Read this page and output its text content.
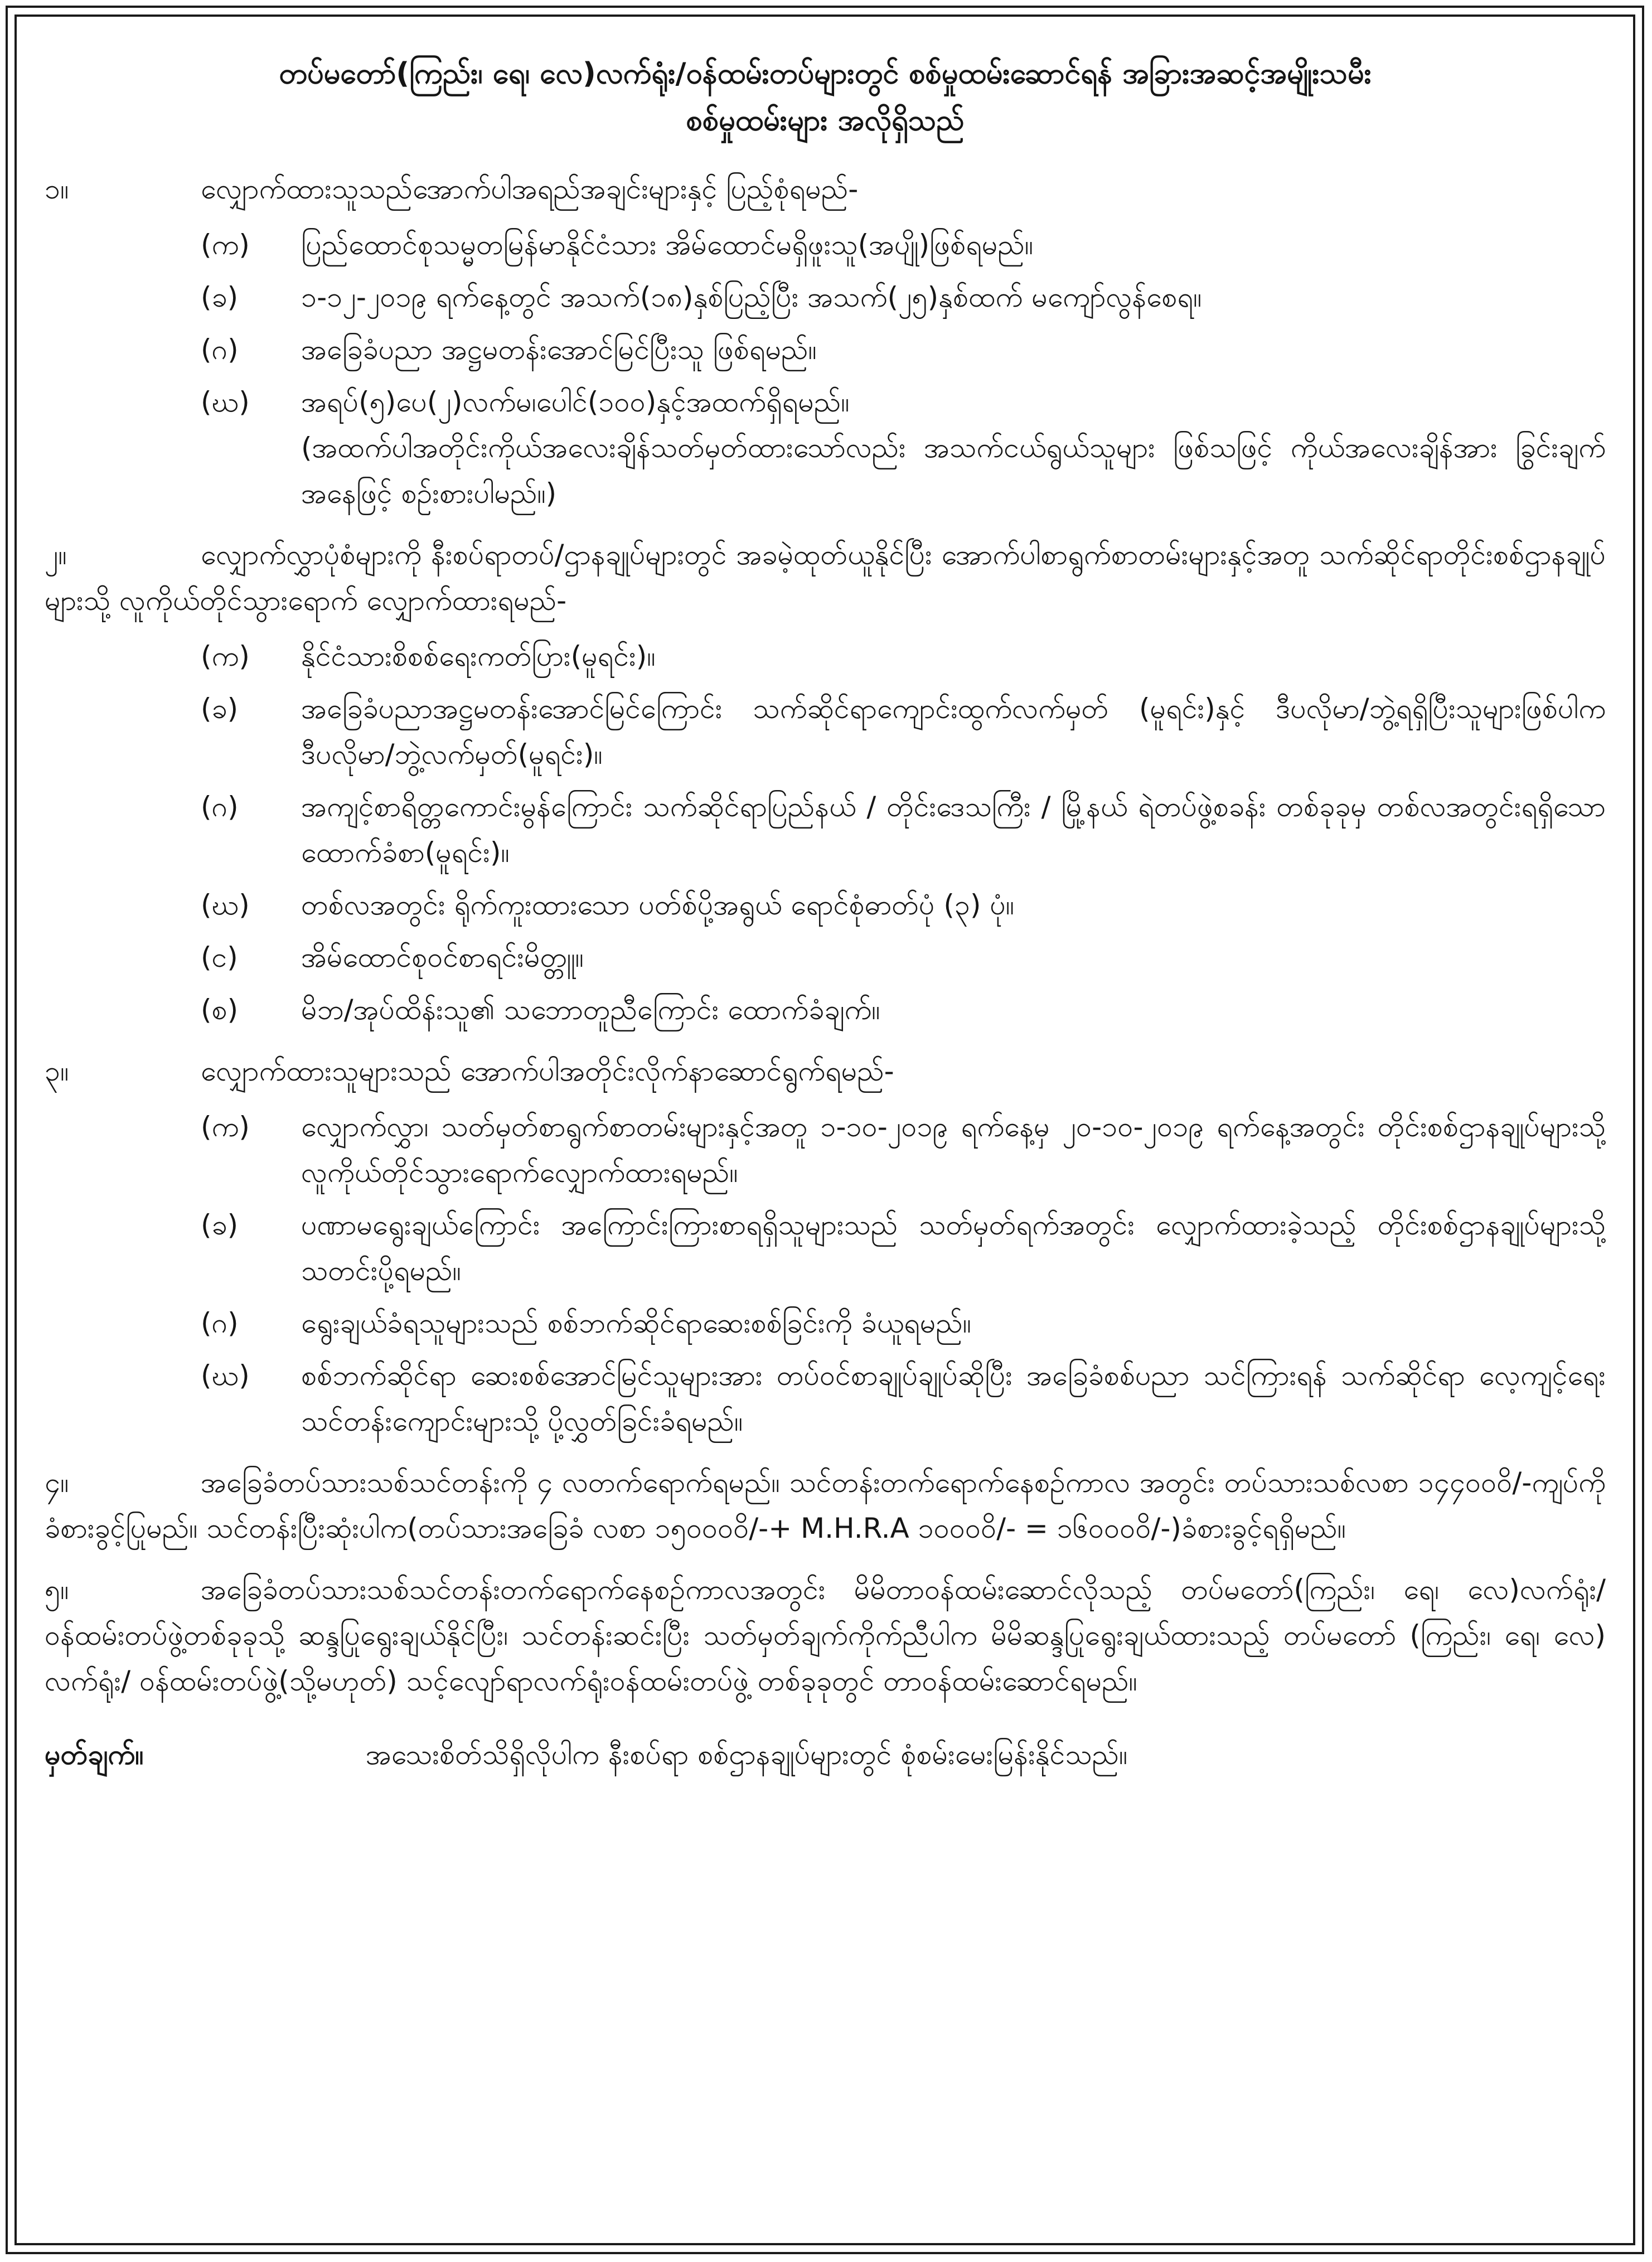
တပ်မတော်(ကြည်း၊ ရေ၊ လေ)လက်ရုံး/ဝန်ထမ်းတပ်များတွင် စစ်မှုထမ်းဆောင်ရန် အခြားအဆင့်အမျိုးသမီး
စစ်မှုထမ်းများ အလိုရှိသည်
၁။	လျှောက်ထားသူသည်အောက်ပါအရည်အချင်းများနှင့် ပြည့်စုံရမည်-
(က)	ပြည်ထောင်စုသမ္မတမြန်မာနိုင်ငံသား အိမ်ထောင်မရှိဖူးသူ(အပျို)ဖြစ်ရမည်။
(ခ)	၁-၁၂-၂၀၁၉ ရက်နေ့တွင် အသက်(၁၈)နှစ်ပြည့်ပြီး အသက်(၂၅)နှစ်ထက် မကျော်လွန်စေရ။
(ဂ)	အခြေခံပညာ အဋ္ဌမတန်းအောင်မြင်ပြီးသူ ဖြစ်ရမည်။
(ဃ)	အရပ်(၅)ပေ(၂)လက်မ၊ပေါင်(၁၀၀)နှင့်အထက်ရှိရမည်။
(အထက်ပါအတိုင်းကိုယ်အလေးချိန်သတ်မှတ်ထားသော်လည်း အသက်ငယ်ရွယ်သူများ ဖြစ်သဖြင့် ကိုယ်အလေးချိန်အား ခြွင်းချက်အနေဖြင့် စဉ်းစားပါမည်။)
၂။	လျှောက်လွှာပုံစံများကို နီးစပ်ရာတပ်/ဌာနချုပ်များတွင် အခမဲ့ထုတ်ယူနိုင်ပြီး အောက်ပါစာရွက်စာတမ်းများနှင့်အတူ သက်ဆိုင်ရာတိုင်းစစ်ဌာနချုပ်များသို့ လူကိုယ်တိုင်သွားရောက် လျှောက်ထားရမည်-
(က)	နိုင်ငံသားစိစစ်ရေးကတ်ပြား(မူရင်း)။
(ခ)	အခြေခံပညာအဋ္ဌမတန်းအောင်မြင်ကြောင်း သက်ဆိုင်ရာကျောင်းထွက်လက်မှတ် (မူရင်း)နှင့် ဒီပလိုမာ/ဘွဲ့ရရှိပြီးသူများဖြစ်ပါက ဒီပလိုမာ/ဘွဲ့လက်မှတ်(မူရင်း)။
(ဂ)	အကျင့်စာရိတ္တကောင်းမွန်ကြောင်း သက်ဆိုင်ရာပြည်နယ် / တိုင်းဒေသကြီး / မြို့နယ် ရဲတပ်ဖွဲ့စခန်း တစ်ခုခုမှ တစ်လအတွင်းရရှိသော ထောက်ခံစာ(မူရင်း)။
(ဃ)	တစ်လအတွင်း ရိုက်ကူးထားသော ပတ်စ်ပို့အရွယ် ရောင်စုံဓာတ်ပုံ (၃) ပုံ။
(င)	အိမ်ထောင်စုဝင်စာရင်းမိတ္တူ။
(စ)	မိဘ/အုပ်ထိန်းသူ၏ သဘောတူညီကြောင်း ထောက်ခံချက်။
၃။	လျှောက်ထားသူများသည် အောက်ပါအတိုင်းလိုက်နာဆောင်ရွက်ရမည်-
(က)	လျှောက်လွှာ၊ သတ်မှတ်စာရွက်စာတမ်းများနှင့်အတူ ၁-၁၀-၂၀၁၉ ရက်နေ့မှ ၂၀-၁၀-၂၀၁၉ ရက်နေ့အတွင်း တိုင်းစစ်ဌာနချုပ်များသို့ လူကိုယ်တိုင်သွားရောက်လျှောက်ထားရမည်။
(ခ)	ပဏာမရွေးချယ်ကြောင်း အကြောင်းကြားစာရရှိသူများသည် သတ်မှတ်ရက်အတွင်း လျှောက်ထားခဲ့သည့် တိုင်းစစ်ဌာနချုပ်များသို့ သတင်းပို့ရမည်။
(ဂ)	ရွေးချယ်ခံရသူများသည် စစ်ဘက်ဆိုင်ရာဆေးစစ်ခြင်းကို ခံယူရမည်။
(ဃ)	စစ်ဘက်ဆိုင်ရာ ဆေးစစ်အောင်မြင်သူများအား တပ်ဝင်စာချုပ်ချုပ်ဆိုပြီး အခြေခံစစ်ပညာ သင်ကြားရန် သက်ဆိုင်ရာ လေ့ကျင့်ရေးသင်တန်းကျောင်းများသို့ ပို့လွှတ်ခြင်းခံရမည်။
၄။	အခြေခံတပ်သားသစ်သင်တန်းကို ၄ လတက်ရောက်ရမည်။ သင်တန်းတက်ရောက်နေစဉ်ကာလ အတွင်း တပ်သားသစ်လစာ ၁၄၄၀၀၀ိ/-ကျပ်ကိုခံစားခွင့်ပြုမည်။ သင်တန်းပြီးဆုံးပါက(တပ်သားအခြေခံ လစာ ၁၅၀၀၀၀ိ/-+ M.H.R.A ၁၀၀၀၀ိ/- = ၁၆၀၀၀၀ိ/-)ခံစားခွင့်ရရှိမည်။
၅။	အခြေခံတပ်သားသစ်သင်တန်းတက်ရောက်နေစဉ်ကာလအတွင်း မိမိတာဝန်ထမ်းဆောင်လိုသည့် တပ်မတော်(ကြည်း၊ ရေ၊ လေ)လက်ရုံး/ဝန်ထမ်းတပ်ဖွဲ့တစ်ခုခုသို့ ဆန္ဒပြုရွေးချယ်နိုင်ပြီး၊ သင်တန်းဆင်းပြီး သတ်မှတ်ချက်ကိုက်ညီပါက မိမိဆန္ဒပြုရွေးချယ်ထားသည့် တပ်မတော် (ကြည်း၊ ရေ၊ လေ) လက်ရုံး/ ဝန်ထမ်းတပ်ဖွဲ့(သို့မဟုတ်) သင့်လျော်ရာလက်ရုံးဝန်ထမ်းတပ်ဖွဲ့ တစ်ခုခုတွင် တာဝန်ထမ်းဆောင်ရမည်။
မှတ်ချက်။	အသေးစိတ်သိရှိလိုပါက နီးစပ်ရာ စစ်ဌာနချုပ်များတွင် စုံစမ်းမေးမြန်းနိုင်သည်။
